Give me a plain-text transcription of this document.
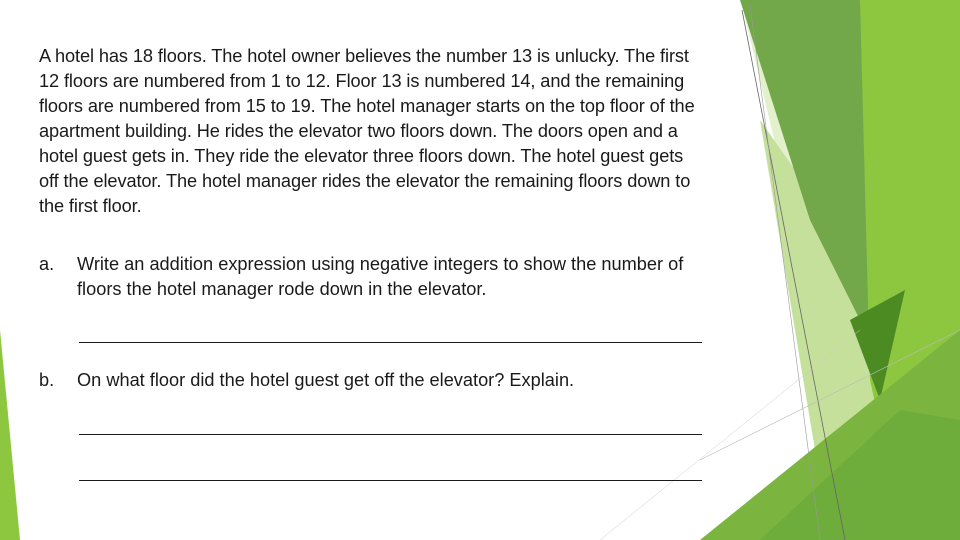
A hotel has 18 floors. The hotel owner believes the number 13 is unlucky. The first 12 floors are numbered from 1 to 12. Floor 13 is numbered 14, and the remaining floors are numbered from 15 to 19. The hotel manager starts on the top floor of the apartment building. He rides the elevator two floors down. The doors open and a hotel guest gets in. They ride the elevator three floors down. The hotel guest gets off the elevator. The hotel manager rides the elevator the remaining floors down to the first floor.

a.	Write an addition expression using negative integers to show the number of floors the hotel manager rode down in the elevator.
b.	On what floor did the hotel guest get off the elevator? Explain.
